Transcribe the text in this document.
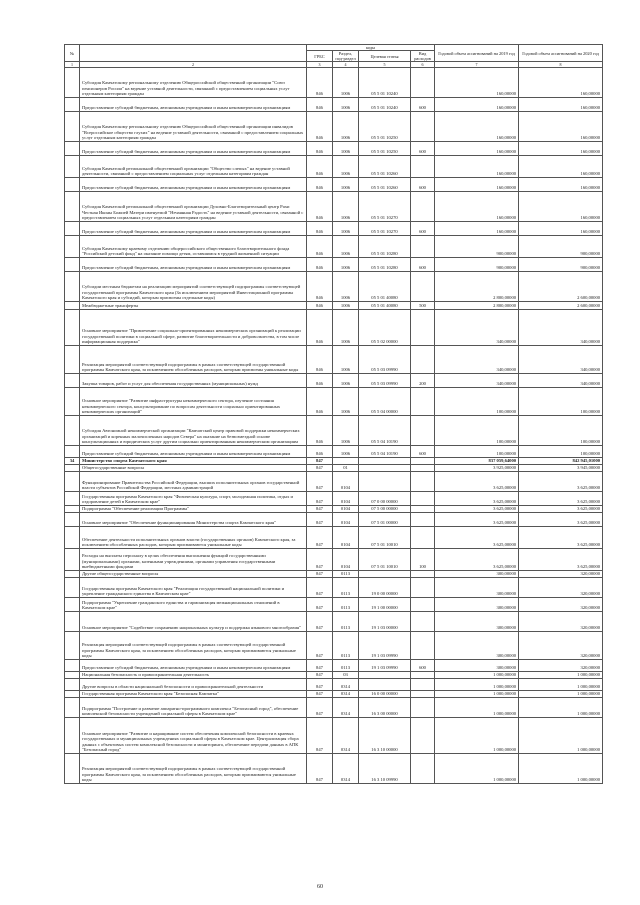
№		коды				Годовой объем ассигнований на 2019 год	Годовой объем ассигнований на 2020 год
		ГРБС	Раздел, под-раздел	Целевая статья	Вид расходов		
1	2	3	4	5	6	7	8
	Субсидия Камчатскому региональному отделению Общероссийской общественной организации "Союз пенсионеров России" на ведение уставной деятельности, связанной с предоставлением социальных услуг отдельным категориям граждан	846	1006	05 5 01 10240		160,00000	160,00000
	Предоставление субсидий бюджетным, автономным учреждениям и иным некоммерческим организациям	846	1006	05 5 01 10240	600	160,00000	160,00000
	Субсидия Камчатскому региональному отделению Общероссийской общественной организации инвалидов "Всероссийское общество глухих" на ведение уставной деятельности, связанной с предоставлением социальных услуг отдельным категориям граждан	846	1006	05 5 01 10250		160,00000	160,00000
	Предоставление субсидий бюджетным, автономным учреждениям и иным некоммерческим организациям	846	1006	05 5 01 10250	600	160,00000	160,00000
	Субсидия Камчатской региональной общественной организации "Общество слепых" на ведение уставной деятельности, связанной с предоставлением социальных услуг отдельным категориям граждан	846	1006	05 5 01 10260		160,00000	160,00000
	Предоставление субсидий бюджетным, автономным учреждениям и иным некоммерческим организациям	846	1006	05 5 01 10260	600	160,00000	160,00000
	Субсидия Камчатской региональной общественной организации Духовно-Благотворительный центр Рахи Честная Иконы Божией Матери именуемой "Нечаянная Радость" на ведение уставной деятельности, связанной с предоставлением социальных услуг отдельным категориям граждан	846	1006	05 5 01 10270		160,00000	160,00000
	Предоставление субсидий бюджетным, автономным учреждениям и иным некоммерческим организациям	846	1006	05 5 01 10270	600	160,00000	160,00000
	Субсидия Камчатскому краевому отделению общероссийского общественного благотворительного фонда "Российский детский фонд" на оказание помощи детям, оставшимся в трудной жизненной ситуации	846	1006	05 5 01 10280		900,00000	900,00000
	Предоставление субсидий бюджетным, автономным учреждениям и иным некоммерческим организациям	846	1006	05 5 01 10280	600	900,00000	900,00000
	Субсидии местным бюджетам на реализацию мероприятий соответствующей подпрограммы соответствующей государственной программы Камчатского края (За исключением мероприятий Инвестиционной программы Камчатского края и субсидий, которым присвоены отдельные коды)	846	1006	05 5 01 40080		2 800,00000	2 600,00000
	Межбюджетные трансферты	846	1006	05 5 01 40080	500	2 800,00000	2 600,00000
	Основное мероприятие "Привлечение социально-ориентированных некоммерческих организаций к реализации государственной политики в социальной сфере, развитие благотворительности и добровольчества, в том числе информационная поддержка"	846	1006	05 5 02 00000		340,00000	340,00000
	Реализация мероприятий соответствующей подпрограммы в рамках соответствующей государственной программы Камчатского края, за исключением обособленных расходов, которым присвоены уникальные коды	846	1006	05 5 03 09990		340,00000	340,00000
	Закупка товаров, работ и услуг для обеспечения государственных (муниципальных) нужд	846	1006	05 5 03 09990	200	340,00000	340,00000
	Основное мероприятие "Развитие инфраструктуры некоммерческого сектора, изучение состояния некоммерческого сектора, консультирование по вопросам деятельности социально ориентированных некоммерческих организаций"	846	1006	05 5 04 00000		100,00000	100,00000
	Субсидия Автономной некоммерческой организации "Камчатский центр правовой поддержки некоммерческих организаций и коренных малочисленных народов Севера" на оказание на безвозмездной основе консультационных и юридических услуг другим социально ориентированным некоммерческим организациям	846	1006	05 5 04 10190		100,00000	100,00000
	Предоставление субсидий бюджетным, автономным учреждениям и иным некоммерческим организациям	846	1006	05 5 04 10190	600	100,00000	100,00000
34	Министерство спорта Камчатского края	847				837 059,64000	842 945,01000
	Общегосударственные вопросы	847	01			3 925,00000	3 945,00000
	Функционирование Правительства Российской Федерации, высших исполнительных органов государственной власти субъектов Российской Федерации, местных администраций	847	0104			3 625,00000	3 625,00000
	Государственная программа Камчатского края "Физическая культура, спорт, молодежная политика, отдых и оздоровление детей в Камчатском крае"	847	0104	07 0 00 00000		3 625,00000	3 625,00000
	Подпрограмма "Обеспечение реализации Программы"	847	0104	07 5 00 00000		3 625,00000	3 625,00000
	Основное мероприятие "Обеспечение функционирования Министерства спорта Камчатского края"	847	0104	07 5 01 00000		3 625,00000	3 625,00000
	Обеспечение деятельности исполнительных органов власти (государственных органов) Камчатского края, за исключением обособленных расходов, которым присваиваются уникальные коды	847	0104	07 5 01 10010		3 625,00000	3 625,00000
	Расходы на выплаты персоналу в целях обеспечения выполнения функций государственными (муниципальными) органами, казенными учреждениями, органами управления государственными внебюджетными фондами	847	0104	07 5 01 10010	100	3 625,00000	3 625,00000
	Другие общегосударственные вопросы	847	0113			300,00000	320,00000
	Государственная программа Камчатского края "Реализация государственной национальной политики и укрепление гражданского единства в Камчатском крае"	847	0113	19 0 00 00000		300,00000	320,00000
	Подпрограмма "Укрепление гражданского единства и гармонизация межнациональных отношений в Камчатском крае"	847	0113	19 1 00 00000		300,00000	320,00000
	Основное мероприятие "Содействие сохранению национальных культур и поддержка языкового многообразия"	847	0113	19 1 03 00000		300,00000	320,00000
	Реализация мероприятий соответствующей подпрограммы в рамках соответствующей государственной программы Камчатского края, за исключением обособленных расходов, которым присваиваются уникальные коды	847	0113	19 1 03 09990		300,00000	320,00000
	Предоставление субсидий бюджетным, автономным учреждениям и иным некоммерческим организациям	847	0113	19 1 03 09990	600	300,00000	320,00000
	Национальная безопасность и правоохранительная деятельность	847	03			1 000,00000	1 000,00000
	Другие вопросы в области национальной безопасности и правоохранительной деятельности	847	0314			1 000,00000	1 000,00000
	Государственная программа Камчатского края "Безопасная Камчатка"	847	0314	16 0 00 00000		1 000,00000	1 000,00000
	Подпрограмма "Построение и развитие аппаратно-программного комплекса "Безопасный город", обеспечение комплексной безопасности учреждений социальной сферы в Камчатском крае"	847	0314	16 3 00 00000		1 000,00000	1 000,00000
	Основное мероприятие "Развитие и наращивание систем обеспечения комплексной безопасности в краевых государственных и муниципальных учреждениях социальной сферы в Камчатском крае. Централизация сбора данных с объектовых систем комплексной безопасности и мониторинга, обеспечение передачи данных в АПК "Безопасный город"	847	0314	16 3 10 00000		1 000,00000	1 000,00000
	Реализация мероприятий соответствующей подпрограммы в рамках соответствующей государственной программы Камчатского края, за исключением обособленных расходов, которым присваиваются уникальные коды	847	0314	16 3 10 09990		1 000,00000	1 000,00000
60
